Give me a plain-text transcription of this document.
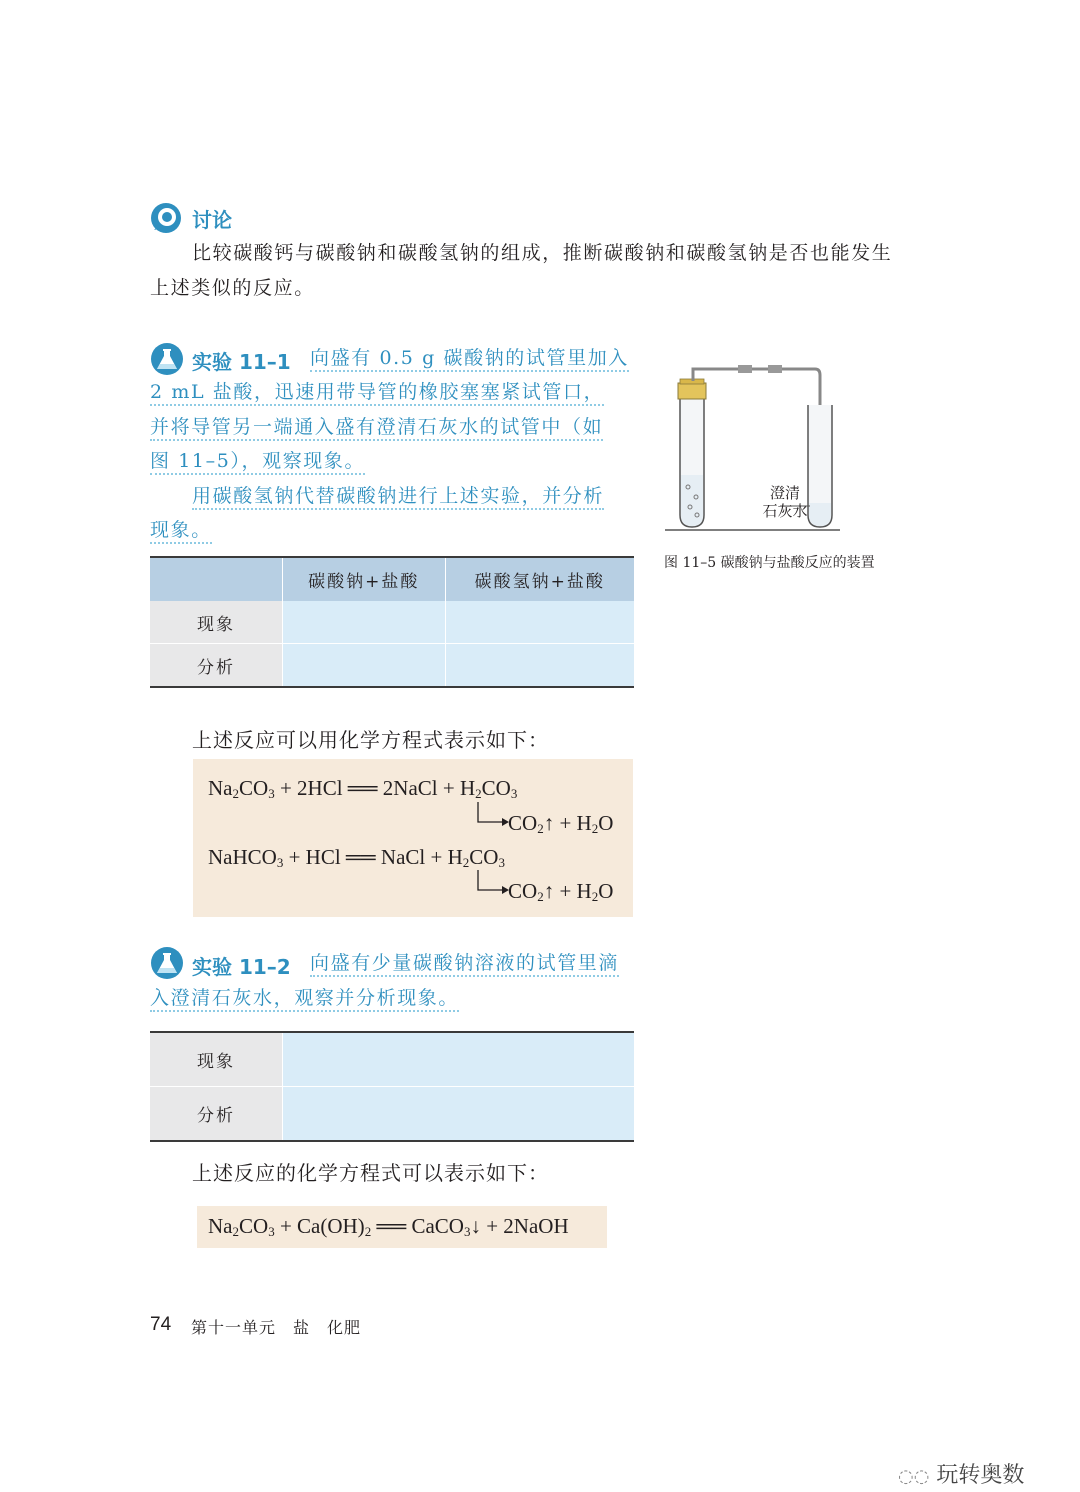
讨论
比较碳酸钙与碳酸钠和碳酸氢钠的组成，推断碳酸钠和碳酸氢钠是否也能发生上述类似的反应。
实验 11–1 向盛有 0.5 g 碳酸钠的试管里加入
2 mL 盐酸，迅速用带导管的橡胶塞塞紧试管口，
并将导管另一端通入盛有澄清石灰水的试管中（如
图 11–5），观察现象。
用碳酸氢钠代替碳酸钠进行上述实验，并分析
现象。
	碳酸钠+盐酸	碳酸氢钠+盐酸
现象		
分析		
澄清
石灰水
图 11–5 碳酸钠与盐酸反应的装置
上述反应可以用化学方程式表示如下：
$Na_2CO_3 + 2HCl$ ══ 2NaCl + $H_2CO_3$
$CO_2↑ + H_2O$
NaHCO$_3$ + HCl ══ NaCl + $H_2CO_3$
$CO_2↑ + H_2O$
实验 11–2 向盛有少量碳酸钠溶液的试管里滴
入澄清石灰水，观察并分析现象。
现象	
分析	
上述反应的化学方程式可以表示如下：
$Na_2CO_3 + Ca(OH)_2$ ══ CaCO$_3$↓ + 2NaOH
74 第十一单元　盐　化肥
◌◌ 玩转奥数
